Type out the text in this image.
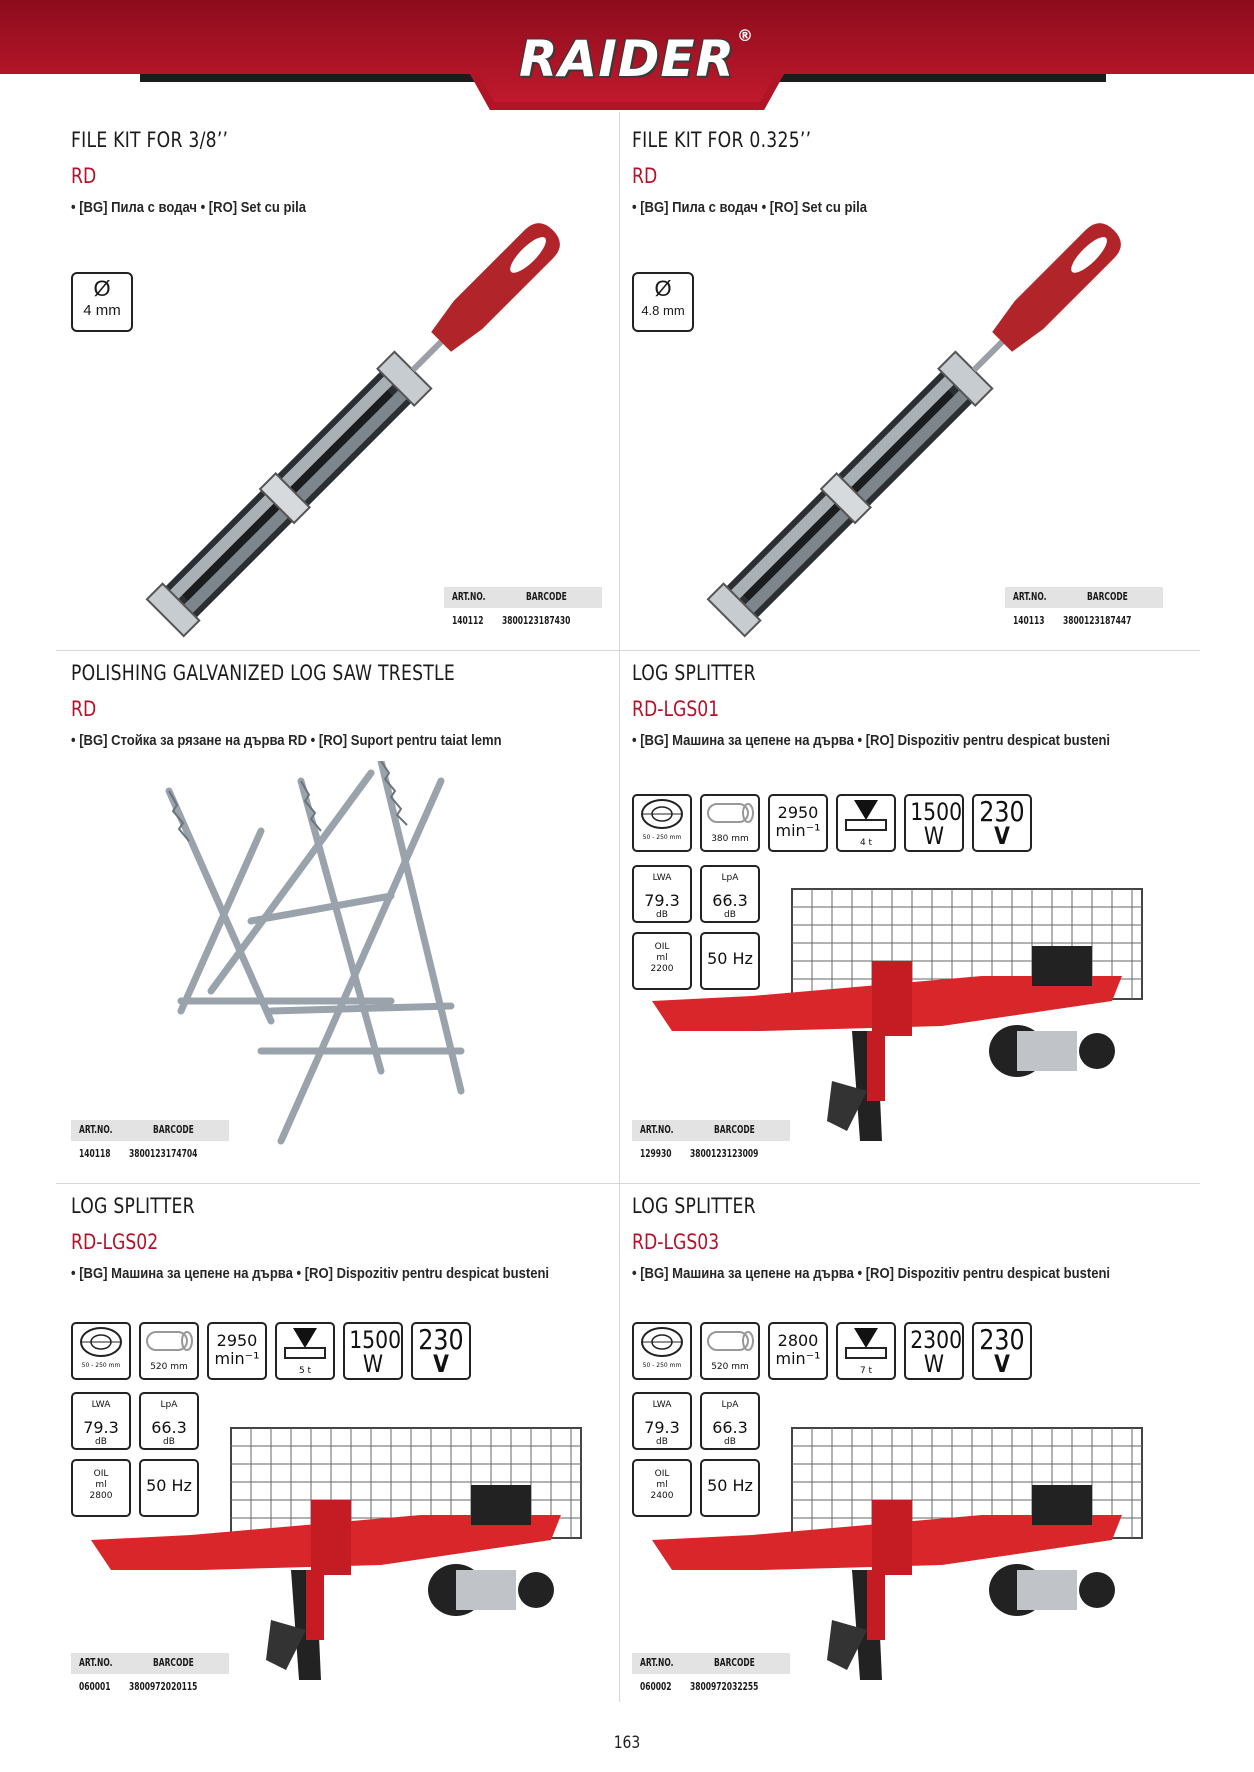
RAIDER ®
FILE KIT FOR 3/8’’
RD
• [BG] Пила с водач • [RO] Set cu pila
Ø
4 mm
ART.NO.	BARCODE
140112 3800123187430
FILE KIT FOR 0.325’’
RD
• [BG] Пила с водач • [RO] Set cu pila
Ø
4.8 mm
ART.NO.	BARCODE
140113 3800123187447
POLISHING GALVANIZED LOG SAW TRESTLE
RD
• [BG] Стойка за рязане на дърва RD • [RO] Suport pentru taiat lemn
ART.NO.	BARCODE
140118 3800123174704
LOG SPLITTER
RD-LGS01
• [BG] Машина за цепене на дърва • [RO] Dispozitiv pentru despicat busteni
50 - 250 mm	380 mm
2950
min⁻¹
4 t
1500
W
230
V
LWA
79.3
dB
LpA
66.3
dB
OIL
ml
2200
50 Hz
ART.NO.	BARCODE
129930 3800123123009
LOG SPLITTER
RD-LGS02
• [BG] Машина за цепене на дърва • [RO] Dispozitiv pentru despicat busteni
50 - 250 mm	520 mm
2950
min⁻¹
5 t
1500
W
230
V
LWA
79.3
dB
LpA
66.3
dB
OIL
ml
2800
50 Hz
ART.NO.	BARCODE
060001 3800972020115
LOG SPLITTER
RD-LGS03
• [BG] Машина за цепене на дърва • [RO] Dispozitiv pentru despicat busteni
50 - 250 mm	520 mm
2800
min⁻¹
7 t
2300
W
230
V
LWA
79.3
dB
LpA
66.3
dB
OIL
ml
2400
50 Hz
ART.NO.	BARCODE
060002 3800972032255
163
